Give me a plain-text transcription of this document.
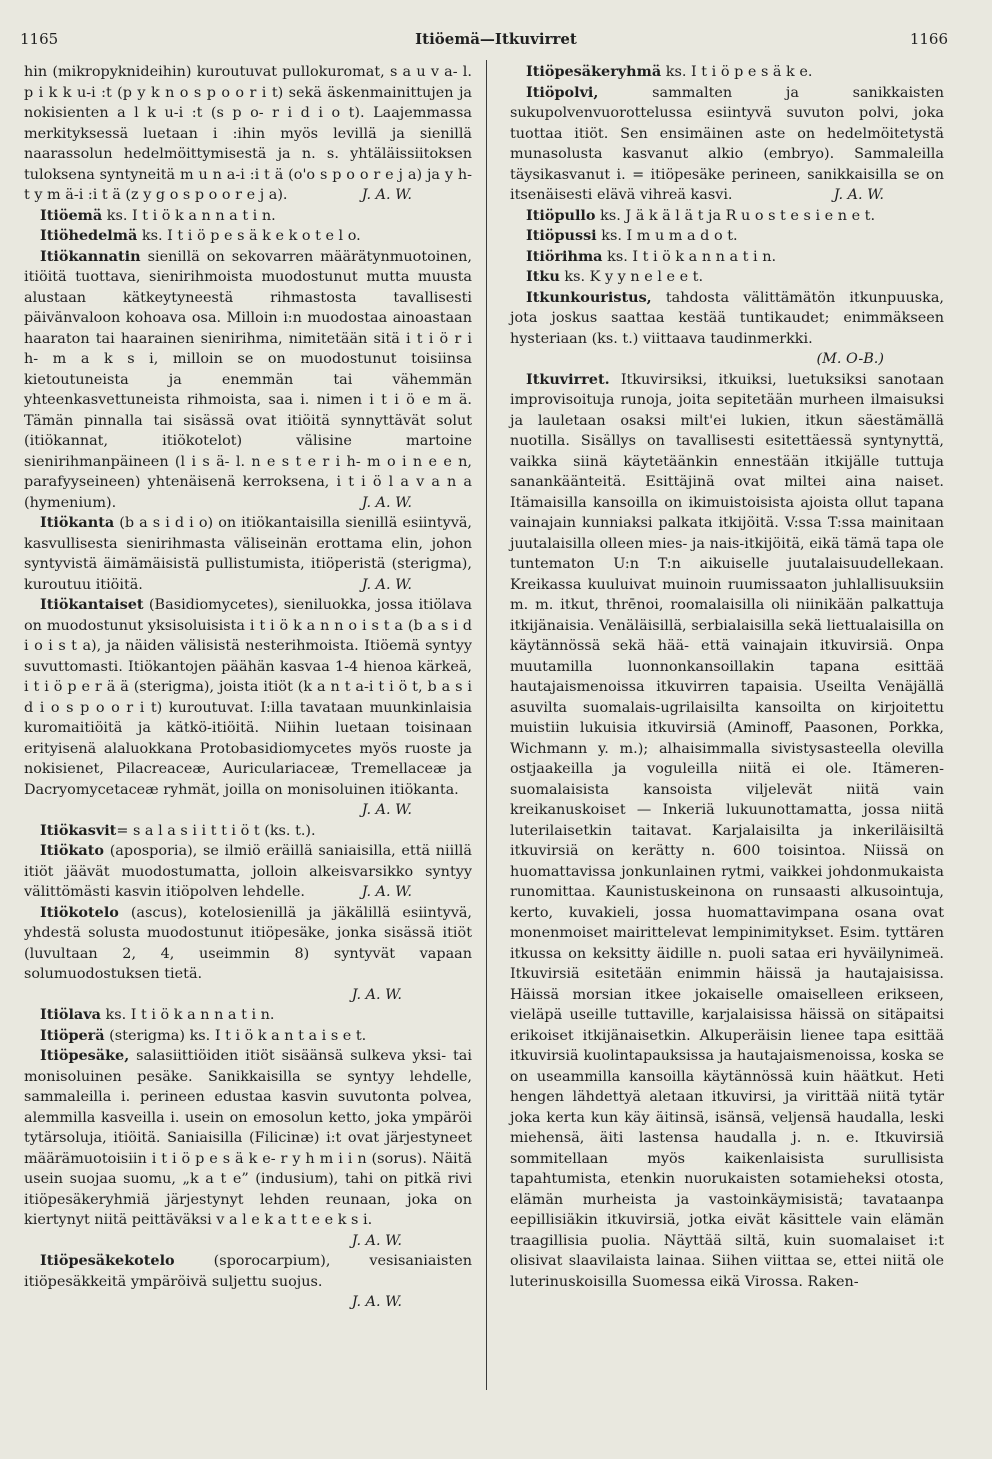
1165	Itiöemä—Itkuvirret	1166

hin (mikropyknideihin) kuroutuvat pullokuromat, s a u v a- l. p i k k u-i :t (p y k n o s p o o r i t) sekä äskenmainittujen ja nokisienten a l k u-i :t (s p o- r i d i o t). Laajemmassa merkityksessä luetaan i :ihin myös levillä ja sienillä naarassolun hedelmöittymisestä ja n. s. yhtäläissiitoksen tuloksena syntyneitä m u n a-i :i t ä (o'o s p o o r e j a) ja y h- t y m ä-i :i t ä (z y g o s p o o r e j a).	J. A. W.

Itiöemä ks. I t i ö k a n n a t i n.

Itiöhedelmä ks. I t i ö p e s ä k e k o t e l o.

Itiökannatin sienillä on sekovarren määrätynmuotoinen, itiöitä tuottava, sienirihmoista muodostunut mutta muusta alustaan kätkeytyneestä rihmastosta tavallisesti päivänvaloon kohoava osa. Milloin i:n muodostaa ainoastaan haaraton tai haarainen sienirihma, nimitetään sitä i t i ö r i h- m a k s i, milloin se on muodostunut toisiinsa kietoutuneista ja enemmän tai vähemmän yhteenkasvettuneista rihmoista, saa i. nimen i t i ö e m ä. Tämän pinnalla tai sisässä ovat itiöitä synnyttävät solut (itiökannat, itiökotelot) välisine martoine sienirihmanpäineen (l i s ä- l. n e s t e r i h- m o i n e e n, parafyyseineen) yhtenäisenä kerroksena, i t i ö l a v a n a (hymenium).	J. A. W.

Itiökanta (b a s i d i o) on itiökantaisilla sienillä esiintyvä, kasvullisesta sienirihmasta väliseinän erottama elin, johon syntyvistä äimämäisistä pullistumista, itiöperistä (sterigma), kuroutuu itiöitä.	J. A. W.

Itiökantaiset (Basidiomycetes), sieniluokka, jossa itiölava on muodostunut yksisoluisista i t i ö k a n n o i s t a (b a s i d i o i s t a), ja näiden välisistä nesterihmoista. Itiöemä syntyy suvuttomasti. Itiökantojen päähän kasvaa 1-4 hienoa kärkeä, i t i ö p e r ä ä (sterigma), joista itiöt (k a n t a-i t i ö t, b a s i d i o s p o o r i t) kuroutuvat. I:illa tavataan muunkinlaisia kuromaitiöitä ja kätkö-itiöitä. Niihin luetaan toisinaan erityisenä alaluokkana Protobasidiomycetes myös ruoste ja nokisienet, Pilacreaceæ, Auriculariaceæ, Tremellaceæ ja Dacryomycetaceæ ryhmät, joilla on monisoluinen itiökanta.
J. A. W.

Itiökasvit= s a l a s i i t t i ö t (ks. t.).

Itiökato (aposporia), se ilmiö eräillä saniaisilla, että niillä itiöt jäävät muodostumatta, jolloin alkeisvarsikko syntyy välittömästi kasvin itiöpolven lehdelle.	J. A. W.

Itiökotelo (ascus), kotelosienillä ja jäkälillä esiintyvä, yhdestä solusta muodostunut itiöpesäke, jonka sisässä itiöt (luvultaan 2, 4, useimmin 8) syntyvät vapaan solumuodostuksen tietä.

J. A. W.

Itiölava ks. I t i ö k a n n a t i n.

Itiöperä (sterigma) ks. I t i ö k a n t a i s e t.

Itiöpesäke, salasiittiöiden itiöt sisäänsä sulkeva yksi- tai monisoluinen pesäke. Sanikkaisilla se syntyy lehdelle, sammaleilla i. perineen edustaa kasvin suvutonta polvea, alemmilla kasveilla i. usein on emosolun ketto, joka ympäröi tytärsoluja, itiöitä. Saniaisilla (Filicinæ) i:t ovat järjestyneet määrämuotoisiin i t i ö p e s ä k e- r y h m i i n (sorus). Näitä usein suojaa suomu, „k a t e” (indusium), tahi on pitkä rivi itiöpesäkeryhmiä järjestynyt lehden reunaan, joka on kiertynyt niitä peittäväksi v a l e k a t t e e k s i.

J. A. W.

Itiöpesäkekotelo	(sporocarpium), vesisaniaisten itiöpesäkkeitä ympäröivä suljettu suojus.

J. A. W.

Itiöpesäkeryhmä ks. I t i ö p e s ä k e.

Itiöpolvi,	sammalten ja sanikkaisten sukupolvenvuorottelussa esiintyvä suvuton polvi, joka tuottaa itiöt. Sen ensimäinen aste on hedelmöitetystä munasolusta kasvanut alkio (embryo). Sammaleilla täysikasvanut i. = itiöpesäke perineen, sanikkaisilla se on itsenäisesti elävä vihreä kasvi.	J. A. W.

Itiöpullo ks. J ä k ä l ä t ja R u o s t e s i e n e t.

Itiöpussi ks. I m u m a d o t.

Itiörihma ks. I t i ö k a n n a t i n.

Itku ks. K y y n e l e e t.

Itkunkouristus, tahdosta välittämätön itkunpuuska, jota joskus saattaa kestää tuntikaudet; enimmäkseen hysteriaan (ks. t.) viittaava taudinmerkki.
(M. O-B.)

Itkuvirret. Itkuvirsiksi, itkuiksi, luetuksiksi sanotaan improvisoituja runoja, joita sepitetään murheen ilmaisuksi ja lauletaan osaksi milt'ei lukien, itkun säestämällä nuotilla. Sisällys on tavallisesti esitettäessä syntynyttä, vaikka siinä käytetäänkin ennestään itkijälle tuttuja sanankäänteitä. Esittäjinä ovat miltei aina naiset. Itämaisilla kansoilla on ikimuistoisista ajoista ollut tapana vainajain kunniaksi palkata itkijöitä. V:ssa T:ssa mainitaan juutalaisilla olleen mies- ja nais-itkijöitä, eikä tämä tapa ole tuntematon U:n T:n aikuiselle juutalaisuudellekaan. Kreikassa kuuluivat muinoin ruumissaaton juhlallisuuksiin m. m. itkut, thrēnoi, roomalaisilla oli niinikään palkattuja itkijänaisia. Venäläisillä, serbialaisilla sekä liettualaisilla on käytännössä sekä hää- että vainajain itkuvirsiä. Onpa muutamilla luonnonkansoillakin tapana esittää hautajaismenoissa itkuvirren tapaisia. Useilta Venäjällä asuvilta suomalais-ugrilaisilta kansoilta on kirjoitettu muistiin lukuisia itkuvirsiä (Aminoff, Paasonen, Porkka, Wichmann y. m.); alhaisimmalla sivistysasteella olevilla ostjaakeilla ja voguleilla niitä ei ole. Itämeren-suomalaisista kansoista viljelevät niitä vain kreikanuskoiset — Inkeriä lukuunottamatta, jossa niitä luterilaisetkin taitavat. Karjalaisilta ja inkeriläisiltä itkuvirsiä on kerätty n. 600 toisintoa. Niissä on huomattavissa jonkunlainen rytmi, vaikkei johdonmukaista runomittaa. Kaunistuskeinona on runsaasti alkusointuja, kerto, kuvakieli, jossa huomattavimpana osana ovat monenmoiset mairittelevat lempinimitykset. Esim. tyttären itkussa on keksitty äidille n. puoli sataa eri hyväilynimeä. Itkuvirsiä esitetään enimmin häissä ja hautajaisissa. Häissä morsian itkee jokaiselle omaiselleen erikseen, vieläpä useille tuttaville, karjalaisissa häissä on sitäpaitsi erikoiset itkijänaisetkin. Alkuperäisin lienee tapa esittää itkuvirsiä kuolintapauksissa ja hautajaismenoissa, koska se on useammilla kansoilla käytännössä kuin häätkut. Heti hengen lähdettyä aletaan itkuvirsi, ja virittää niitä tytär joka kerta kun käy äitinsä, isänsä, veljensä haudalla, leski miehensä, äiti lastensa haudalla j. n. e. Itkuvirsiä sommitellaan myös kaikenlaisista surullisista tapahtumista, etenkin nuorukaisten sotamieheksi otosta, elämän murheista ja vastoinkäymisistä; tavataanpa eepillisiäkin itkuvirsiä, jotka eivät käsittele vain elämän traagillisia puolia. Näyttää siltä, kuin suomalaiset i:t olisivat slaavilaista lainaa. Siihen viittaa se, ettei niitä ole luterinuskoisilla Suomessa eikä Virossa. Raken-
